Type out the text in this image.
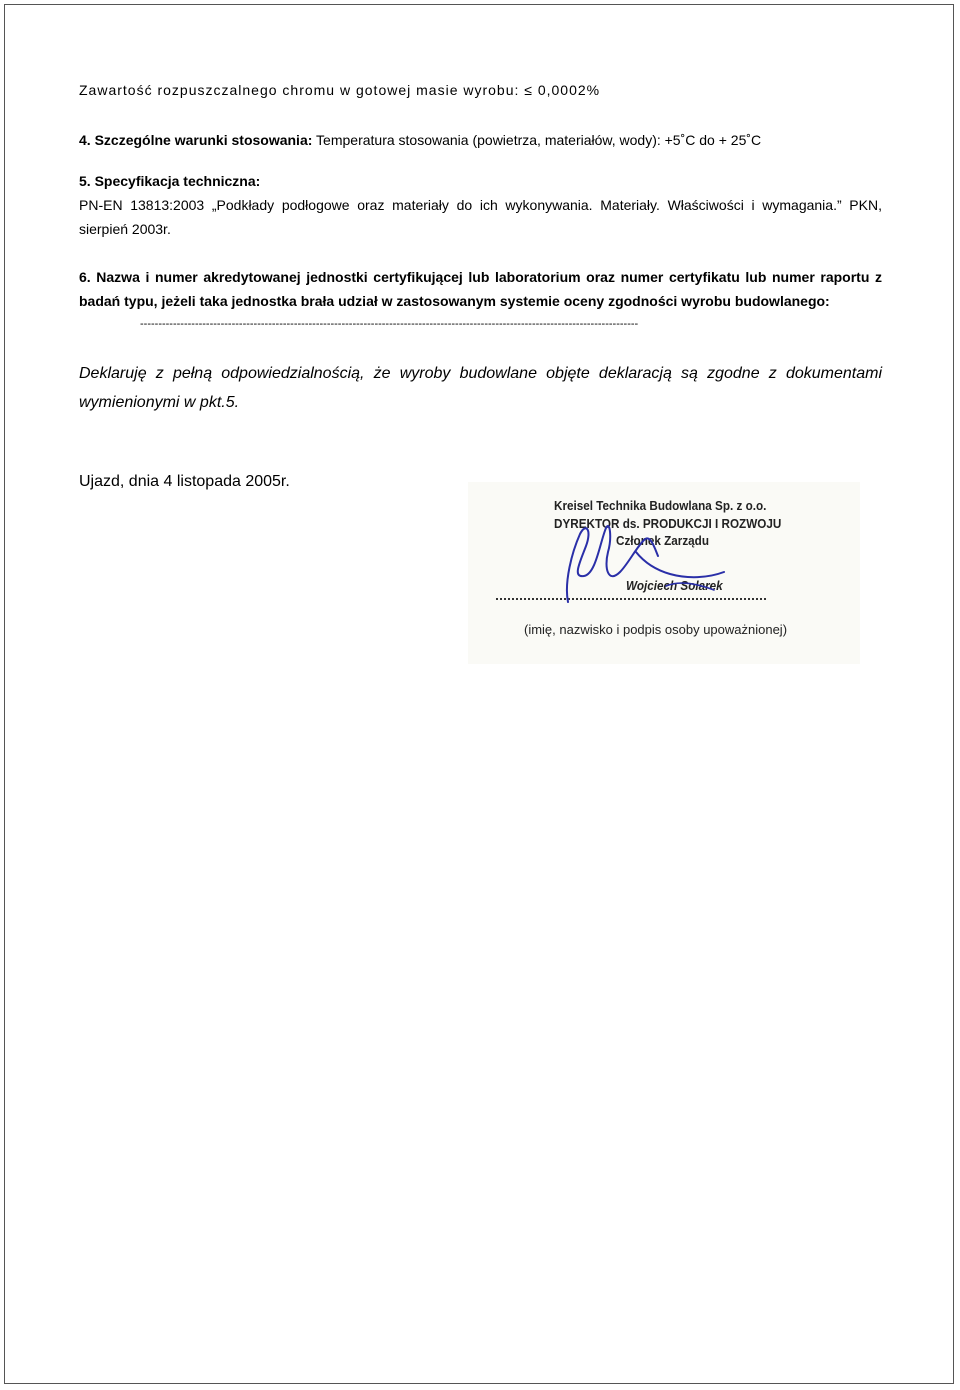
Zawartość rozpuszczalnego chromu w gotowej masie wyrobu: ≤ 0,0002%
4. Szczególne warunki stosowania: Temperatura stosowania (powietrza, materiałów, wody): +5˚C do + 25˚C
5. Specyfikacja techniczna:
PN-EN 13813:2003 „Podkłady podłogowe oraz materiały do ich wykonywania. Materiały. Właściwości i wymagania.” PKN,
sierpień 2003r.
6. Nazwa i numer akredytowanej jednostki certyfikującej lub laboratorium oraz numer certyfikatu lub numer raportu z
badań typu, jeżeli taka jednostka brała udział w zastosowanym systemie oceny zgodności wyrobu budowlanego:
----------------------------------------------------------------------------------------------------------------------------------------
Deklaruję z pełną odpowiedzialnością, że wyroby budowlane objęte deklaracją są zgodne z dokumentami
wymienionymi w pkt.5.
Ujazd, dnia 4 listopada 2005r.
Kreisel Technika Budowlana Sp. z o.o.
DYREKTOR ds. PRODUKCJI I ROZWOJU
Członek Zarządu
Wojciech Solarek
(imię, nazwisko i podpis osoby upoważnionej)
